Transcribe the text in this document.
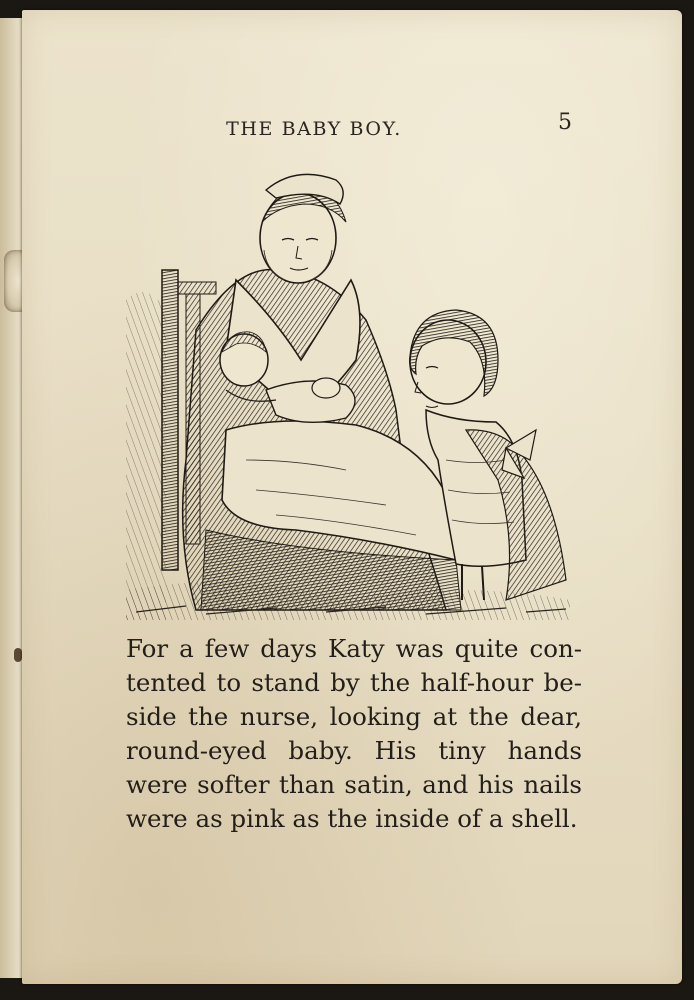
THE BABY BOY.	5
For a few days Katy was quite con-
tented to stand by the half-hour be-
side the nurse, looking at the dear,
round-eyed baby. His tiny hands
were softer than satin, and his nails
were as pink as the inside of a shell.
